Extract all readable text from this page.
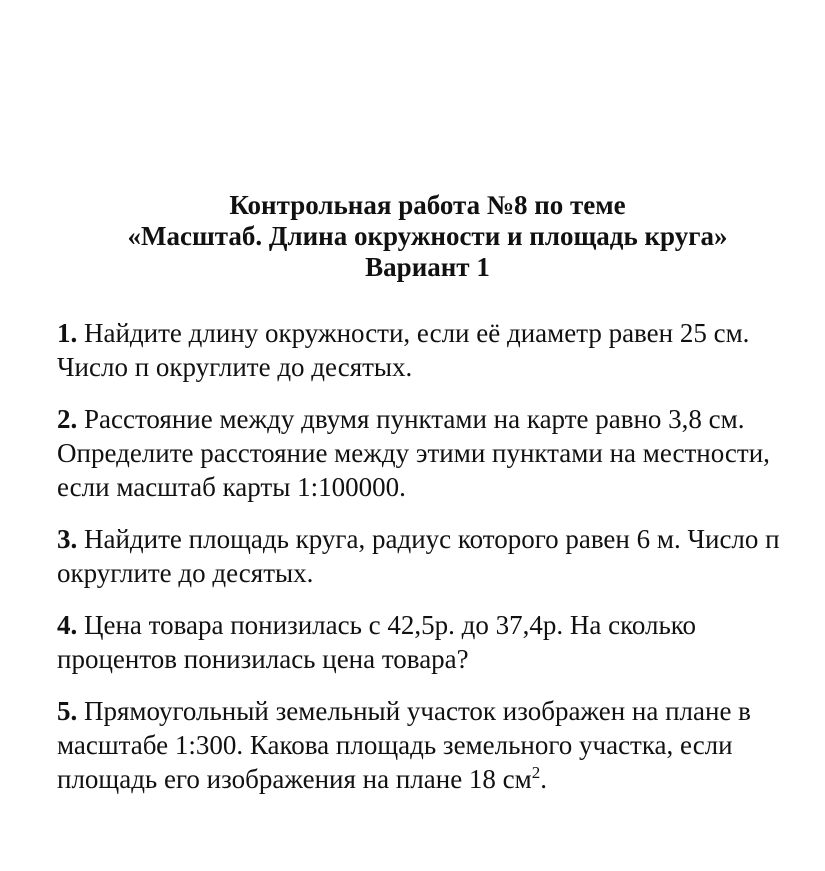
Контрольная работа №8 по теме
«Масштаб. Длина окружности и площадь круга»
Вариант 1
1. Найдите длину окружности, если её диаметр равен 25 см. Число п округлите до десятых.
2. Расстояние между двумя пунктами на карте равно 3,8 см. Определите расстояние между этими пунктами на местности, если масштаб карты 1:100000.
3. Найдите площадь круга, радиус которого равен 6 м. Число п округлите до десятых.
4. Цена товара понизилась с 42,5р. до 37,4р. На сколько процентов понизилась цена товара?
5. Прямоугольный земельный участок изображен на плане в масштабе 1:300. Какова площадь земельного участка, если площадь его изображения на плане 18 $см^2$.
